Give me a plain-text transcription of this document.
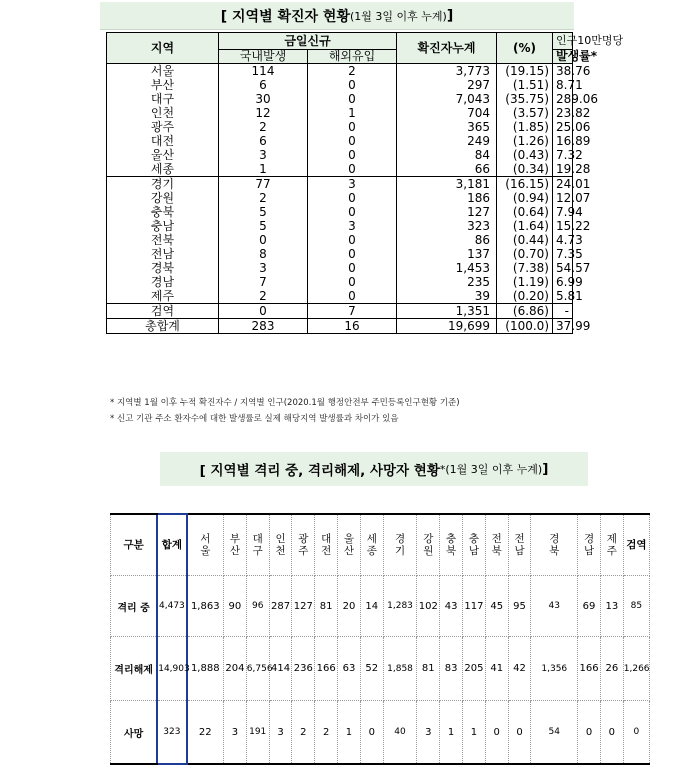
[ 지역별 확진자 현황 (1월 3일 이후 누계) ]
지역	금일신규		확진자누계	(%)	인구10만명당
	국내발생	해외유입			발생률*
서울	114	2	3,773	(19.15)	38.76
부산	6	0	297	(1.51)	8.71
대구	30	0	7,043	(35.75)	289.06
인천	12	1	704	(3.57)	23.82
광주	2	0	365	(1.85)	25.06
대전	6	0	249	(1.26)	16.89
울산	3	0	84	(0.43)	7.32
세종	1	0	66	(0.34)	19.28
경기	77	3	3,181	(16.15)	24.01
강원	2	0	186	(0.94)	12.07
충북	5	0	127	(0.64)	7.94
충남	5	3	323	(1.64)	15.22
전북	0	0	86	(0.44)	4.73
전남	8	0	137	(0.70)	7.35
경북	3	0	1,453	(7.38)	54.57
경남	7	0	235	(1.19)	6.99
제주	2	0	39	(0.20)	5.81
검역	0	7	1,351	(6.86)	-
총합계	283	16	19,699	(100.0)	37.99
* 지역별 1월 이후 누적 확진자수 / 지역별 인구(2020.1월 행정안전부 주민등록인구현황 기준)
* 신고 기관 주소 환자수에 대한 발생률로 실제 해당지역 발생률과 차이가 있음
[ 지역별 격리 중, 격리해제, 사망자 현황 *(1월 3일 이후 누계) ]
구분	합계	서울	부산	대구	인천	광주	대전	울산	세종	경기	강원	충북	충남	전북	전남	경북	경남	제주	검역
격리 중	4,473	1,863	90	96	287	127	81	20	14	1,283	102	43	117	45	95	43	69	13	85
격리해제	14,903	1,888	204	6,756	414	236	166	63	52	1,858	81	83	205	41	42	1,356	166	26	1,266
사망	323	22	3	191	3	2	2	1	0	40	3	1	1	0	0	54	0	0	0
